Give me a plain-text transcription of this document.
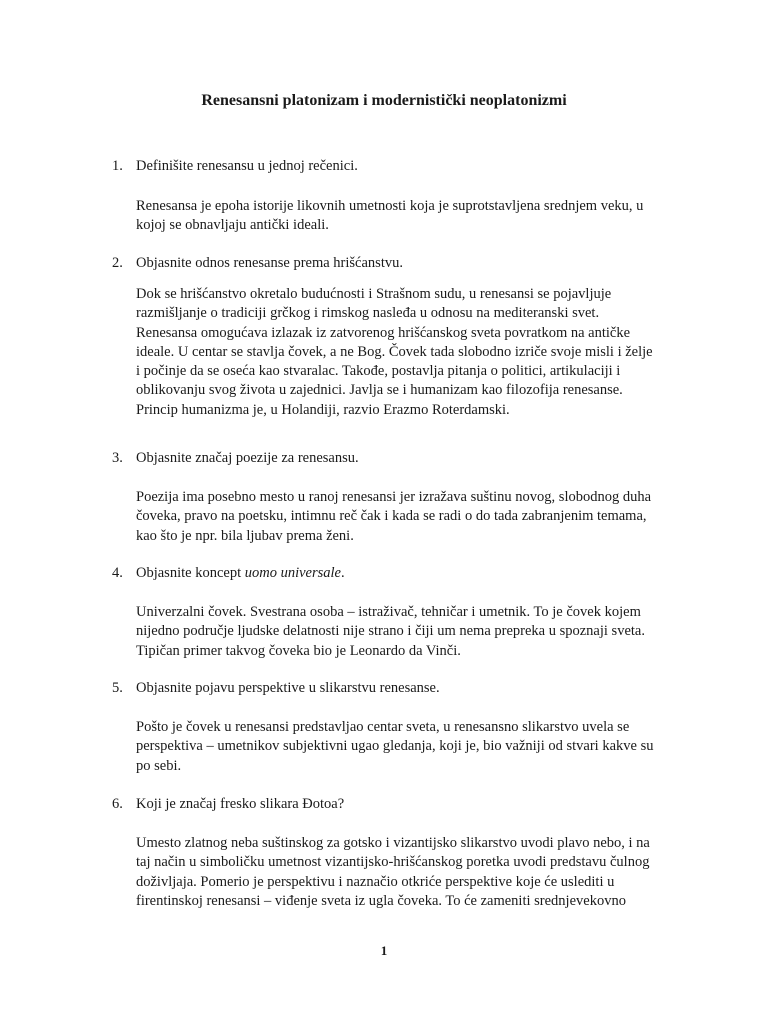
Renesansni platonizam i modernistički neoplatonizmi
1. Definišite renesansu u jednoj rečenici.
Renesansa je epoha istorije likovnih umetnosti koja je suprotstavljena srednjem veku, u
kojoj se obnavljaju antički ideali.
2. Objasnite odnos renesanse prema hrišćanstvu.
Dok se hrišćanstvo okretalo budućnosti i Strašnom sudu, u renesansi se pojavljuje
razmišljanje o tradiciji grčkog i rimskog nasleđa u odnosu na mediteranski svet.
Renesansa omogućava izlazak iz zatvorenog hrišćanskog sveta povratkom na antičke
ideale. U centar se stavlja čovek, a ne Bog. Čovek tada slobodno izriče svoje misli i želje
i počinje da se oseća kao stvaralac. Takođe, postavlja pitanja o politici, artikulaciji i
oblikovanju svog života u zajednici. Javlja se i humanizam kao filozofija renesanse.
Princip humanizma je, u Holandiji, razvio Erazmo Roterdamski.
3. Objasnite značaj poezije za renesansu.
Poezija ima posebno mesto u ranoj renesansi jer izražava suštinu novog, slobodnog duha
čoveka, pravo na poetsku, intimnu reč čak i kada se radi o do tada zabranjenim temama,
kao što je npr. bila ljubav prema ženi.
4. Objasnite koncept uomo universale.
Univerzalni čovek. Svestrana osoba – istraživač, tehničar i umetnik. To je čovek kojem
nijedno područje ljudske delatnosti nije strano i čiji um nema prepreka u spoznaji sveta.
Tipičan primer takvog čoveka bio je Leonardo da Vinči.
5. Objasnite pojavu perspektive u slikarstvu renesanse.
Pošto je čovek u renesansi predstavljao centar sveta, u renesansno slikarstvo uvela se
perspektiva – umetnikov subjektivni ugao gledanja, koji je, bio važniji od stvari kakve su
po sebi.
6. Koji je značaj fresko slikara Đotoa?
Umesto zlatnog neba suštinskog za gotsko i vizantijsko slikarstvo uvodi plavo nebo, i na
taj način u simboličku umetnost vizantijsko-hrišćanskog poretka uvodi predstavu čulnog
doživljaja. Pomerio je perspektivu i naznačio otkriće perspektive koje će uslediti u
firentinskoj renesansi – viđenje sveta iz ugla čoveka. To će zameniti srednjevekovno
1
